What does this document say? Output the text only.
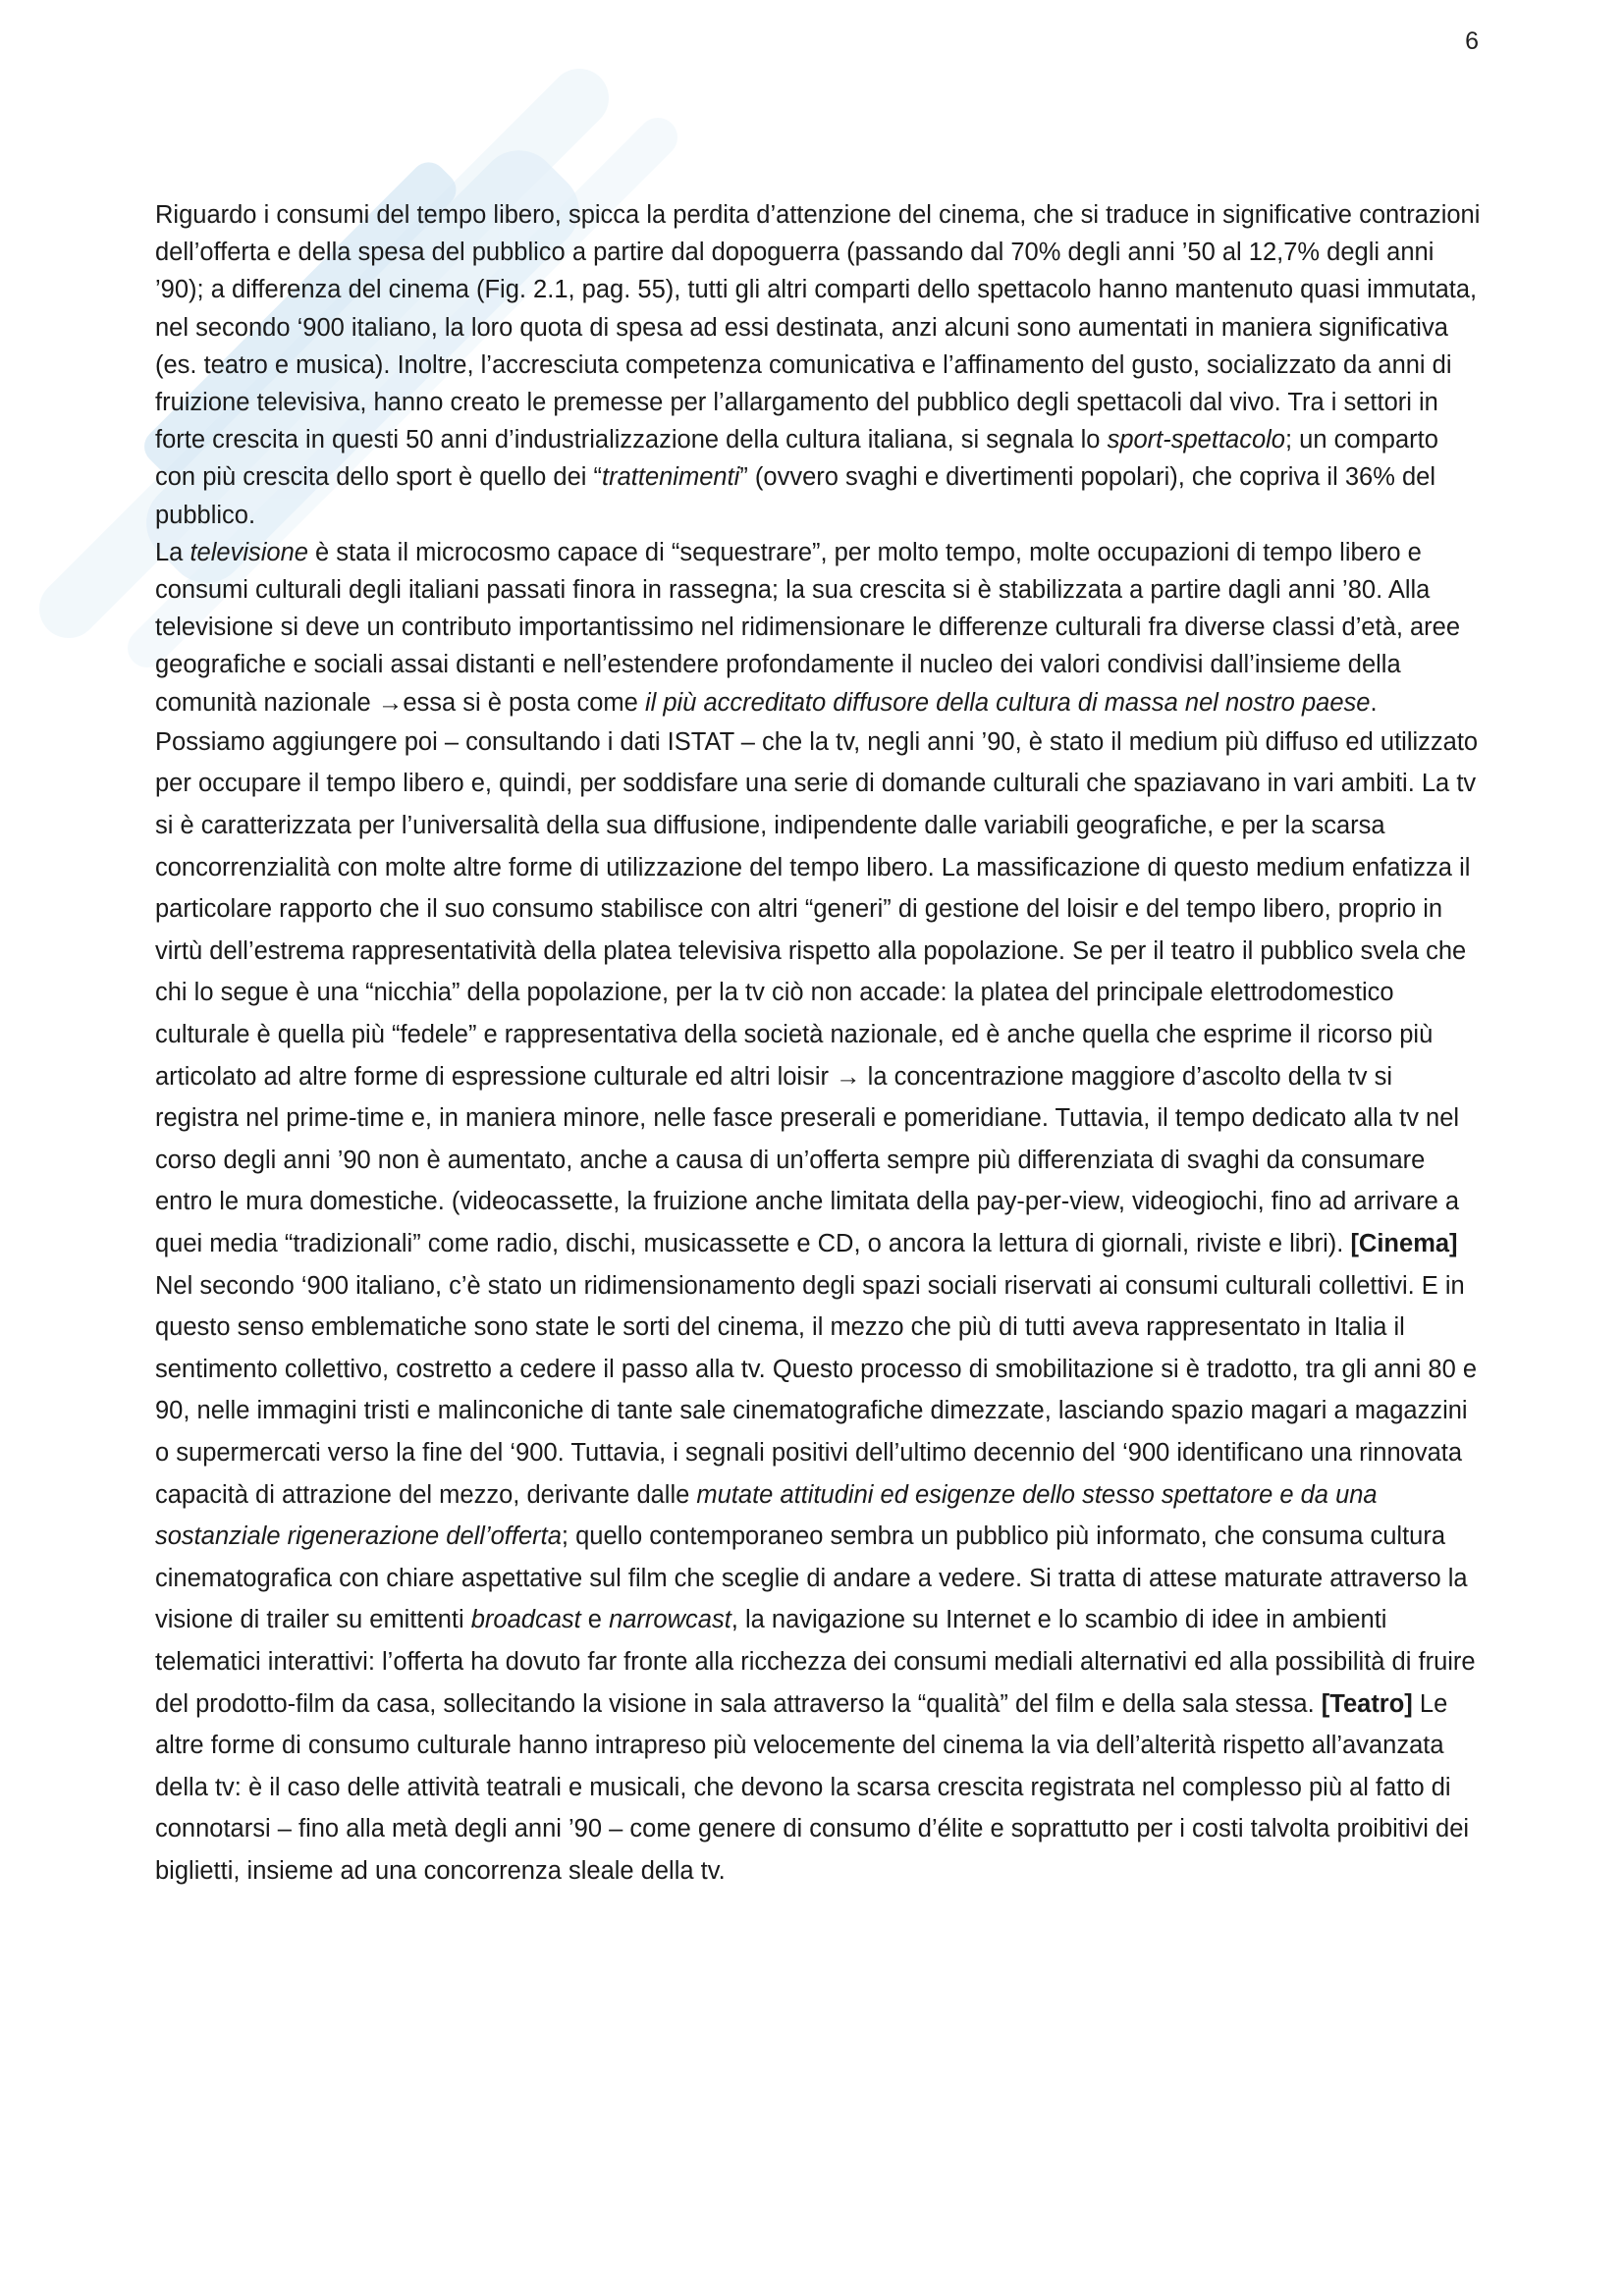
6

Riguardo i consumi del tempo libero, spicca la perdita d’attenzione del cinema, che si traduce in significative contrazioni dell’offerta e della spesa del pubblico a partire dal dopoguerra (passando dal 70% degli anni ’50 al 12,7% degli anni ’90); a differenza del cinema (Fig. 2.1, pag. 55), tutti gli altri comparti dello spettacolo hanno mantenuto quasi immutata, nel secondo ‘900 italiano, la loro quota di spesa ad essi destinata, anzi alcuni sono aumentati in maniera significativa (es. teatro e musica). Inoltre, l’accresciuta competenza comunicativa e l’affinamento del gusto, socializzato da anni di fruizione televisiva, hanno creato le premesse per l’allargamento del pubblico degli spettacoli dal vivo. Tra i settori in forte crescita in questi 50 anni d’industrializzazione della cultura italiana, si segnala lo sport-spettacolo; un comparto con più crescita dello sport è quello dei “trattenimenti” (ovvero svaghi e divertimenti popolari), che copriva il 36% del pubblico.

La televisione è stata il microcosmo capace di “sequestrare”, per molto tempo, molte occupazioni di tempo libero e consumi culturali degli italiani passati finora in rassegna; la sua crescita si è stabilizzata a partire dagli anni ’80. Alla televisione si deve un contributo importantissimo nel ridimensionare le differenze culturali fra diverse classi d’età, aree geografiche e sociali assai distanti e nell’estendere profondamente il nucleo dei valori condivisi dall’insieme della comunità nazionale →essa si è posta come il più accreditato diffusore della cultura di massa nel nostro paese.

Possiamo aggiungere poi – consultando i dati ISTAT – che la tv, negli anni ’90, è stato il medium più diffuso ed utilizzato per occupare il tempo libero e, quindi, per soddisfare una serie di domande culturali che spaziavano in vari ambiti. La tv si è caratterizzata per l’universalità della sua diffusione, indipendente dalle variabili geografiche, e per la scarsa concorrenzialità con molte altre forme di utilizzazione del tempo libero. La massificazione di questo medium enfatizza il particolare rapporto che il suo consumo stabilisce con altri “generi” di gestione del loisir e del tempo libero, proprio in virtù dell’estrema rappresentatività della platea televisiva rispetto alla popolazione. Se per il teatro il pubblico svela che chi lo segue è una “nicchia” della popolazione, per la tv ciò non accade: la platea del principale elettrodomestico culturale è quella più “fedele” e rappresentativa della società nazionale, ed è anche quella che esprime il ricorso più articolato ad altre forme di espressione culturale ed altri loisir → la concentrazione maggiore d’ascolto della tv si registra nel prime-time e, in maniera minore, nelle fasce preserali e pomeridiane. Tuttavia, il tempo dedicato alla tv nel corso degli anni ’90 non è aumentato, anche a causa di un’offerta sempre più differenziata di svaghi da consumare entro le mura domestiche. (videocassette, la fruizione anche limitata della pay-per-view, videogiochi, fino ad arrivare a quei media “tradizionali” come radio, dischi, musicassette e CD, o ancora la lettura di giornali, riviste e libri). [Cinema] Nel secondo ‘900 italiano, c’è stato un ridimensionamento degli spazi sociali riservati ai consumi culturali collettivi. E in questo senso emblematiche sono state le sorti del cinema, il mezzo che più di tutti aveva rappresentato in Italia il sentimento collettivo, costretto a cedere il passo alla tv. Questo processo di smobilitazione si è tradotto, tra gli anni 80 e 90, nelle immagini tristi e malinconiche di tante sale cinematografiche dimezzate, lasciando spazio magari a magazzini o supermercati verso la fine del ‘900. Tuttavia, i segnali positivi dell’ultimo decennio del ‘900 identificano una rinnovata capacità di attrazione del mezzo, derivante dalle mutate attitudini ed esigenze dello stesso spettatore e da una sostanziale rigenerazione dell’offerta; quello contemporaneo sembra un pubblico più informato, che consuma cultura cinematografica con chiare aspettative sul film che sceglie di andare a vedere. Si tratta di attese maturate attraverso la visione di trailer su emittenti broadcast e narrowcast, la navigazione su Internet e lo scambio di idee in ambienti telematici interattivi: l’offerta ha dovuto far fronte alla ricchezza dei consumi mediali alternativi ed alla possibilità di fruire del prodotto-film da casa, sollecitando la visione in sala attraverso la “qualità” del film e della sala stessa. [Teatro] Le altre forme di consumo culturale hanno intrapreso più velocemente del cinema la via dell’alterità rispetto all’avanzata della tv: è il caso delle attività teatrali e musicali, che devono la scarsa crescita registrata nel complesso più al fatto di connotarsi – fino alla metà degli anni ’90 – come genere di consumo d’élite e soprattutto per i costi talvolta proibitivi dei biglietti, insieme ad una concorrenza sleale della tv.
